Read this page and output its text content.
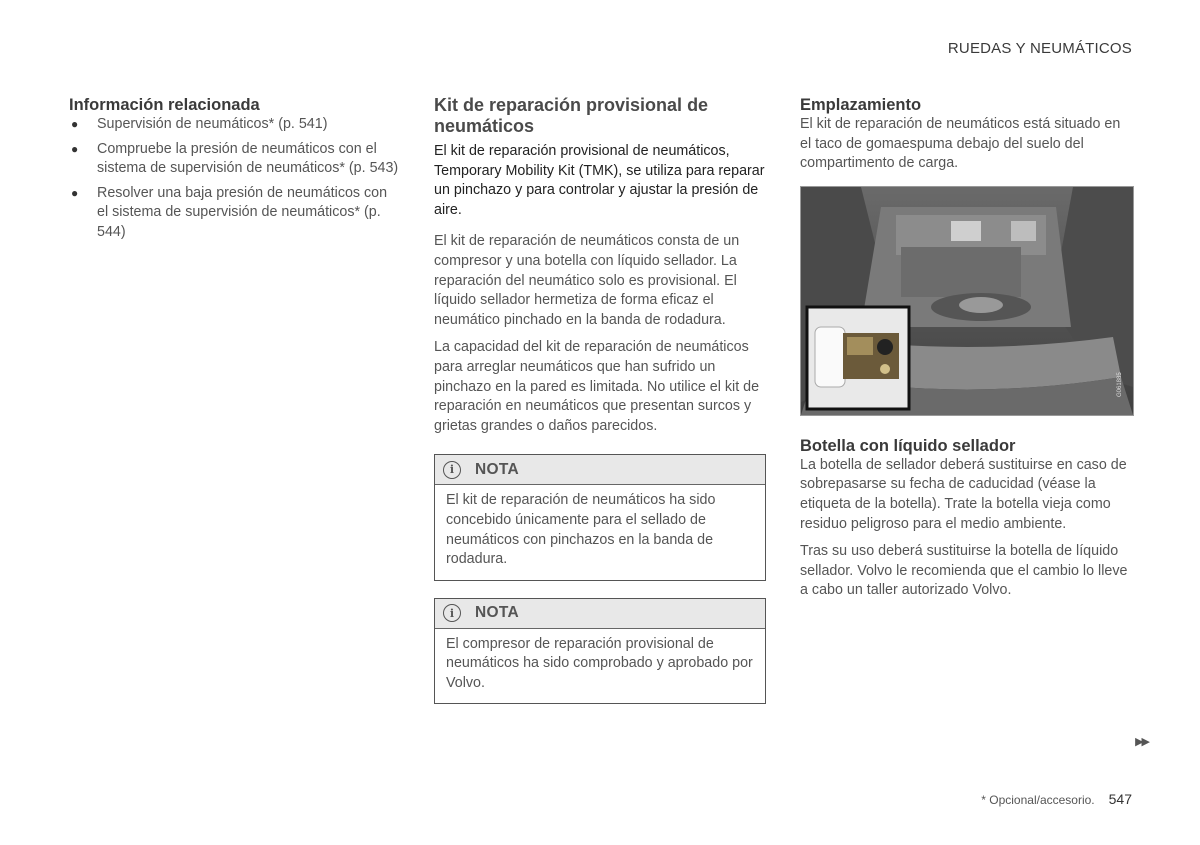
RUEDAS Y NEUMÁTICOS
Información relacionada
● Supervisión de neumáticos* (p. 541)
● Compruebe la presión de neumáticos con el sistema de supervisión de neumáticos* (p. 543)
● Resolver una baja presión de neumáticos con el sistema de supervisión de neumáticos* (p. 544)
Kit de reparación provisional de neumáticos

El kit de reparación provisional de neumáticos, Temporary Mobility Kit (TMK), se utiliza para reparar un pinchazo y para controlar y ajustar la presión de aire.

El kit de reparación de neumáticos consta de un compresor y una botella con líquido sellador. La reparación del neumático solo es provisional. El líquido sellador hermetiza de forma eficaz el neumático pinchado en la banda de rodadura.

La capacidad del kit de reparación de neumáticos para arreglar neumáticos que han sufrido un pinchazo en la pared es limitada. No utilice el kit de reparación en neumáticos que presentan surcos y grietas grandes o daños parecidos.

i	NOTA
El kit de reparación de neumáticos ha sido concebido únicamente para el sellado de neumáticos con pinchazos en la banda de rodadura.
i	NOTA
El compresor de reparación provisional de neumáticos ha sido comprobado y aprobado por Volvo.
Emplazamiento

El kit de reparación de neumáticos está situado en el taco de gomaespuma debajo del suelo del compartimento de carga.

G061885
Botella con líquido sellador

La botella de sellador deberá sustituirse en caso de sobrepasarse su fecha de caducidad (véase la etiqueta de la botella). Trate la botella vieja como residuo peligroso para el medio ambiente.

Tras su uso deberá sustituirse la botella de líquido sellador. Volvo le recomienda que el cambio lo lleve a cabo un taller autorizado Volvo.

▶▶
* Opcional/accesorio. 547
